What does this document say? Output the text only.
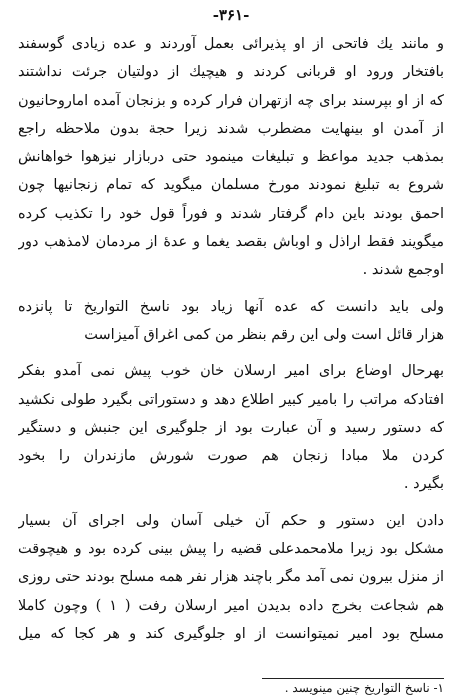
-۳۶۱-
و مانند یك فاتحی از او پذیرائی بعمل آوردند و عده زیادی گوسفند
بافتخار ورود او قربانی کردند و هیچیك از دولتیان جرئت نداشتند
که از او بپرسند برای چه ازتهران فرار کرده و بزنجان آمده اماروحانیون
از آمدن او بینهایت مضطرب شدند زیرا حجة بدون ملاحظه راجع
بمذهب جدید مواعظ و تبلیغات مینمود حتی دربازار نیزهوا خواهانش
شروع به تبلیغ نمودند مورخ مسلمان میگوید که تمام زنجانیها چون
احمق بودند باین دام گرفتار شدند و فوراً قول خود را تکذیب کرده
میگویند فقط اراذل و اوباش بقصد یغما و عدهٔ از مردمان لامذهب دور
اوجمع شدند .
ولی باید دانست که عده آنها زیاد بود ناسخ التواریخ تا پانزده
هزار قائل است ولی این رقم بنظر من کمی اغراق آمیزاست
بهرحال اوضاع برای امیر ارسلان خان خوب پیش نمی آمدو بفکر
افتادکه مراتب را بامیر کبیر اطلاع دهد و دستوراتی بگیرد طولی نکشید
که دستور رسید و آن عبارت بود از جلوگیری این جنبش و دستگیر
کردن ملا مبادا زنجان هم صورت شورش مازندران را بخود
بگیرد .
دادن این دستور و حکم آن خیلی آسان ولی اجرای آن بسیار
مشکل بود زیرا ملامحمدعلی قضیه را پیش بینی کرده بود و هیچوقت
از منزل بیرون نمی آمد مگر باچند هزار نفر همه مسلح بودند حتی روزی
هم شجاعت بخرج داده بدیدن امیر ارسلان رفت ( ۱ ) وچون کاملا
مسلح بود امیر نمیتوانست از او جلوگیری کند و هر کجا که میل
۱- ناسخ التواریخ چنین مینویسد .
